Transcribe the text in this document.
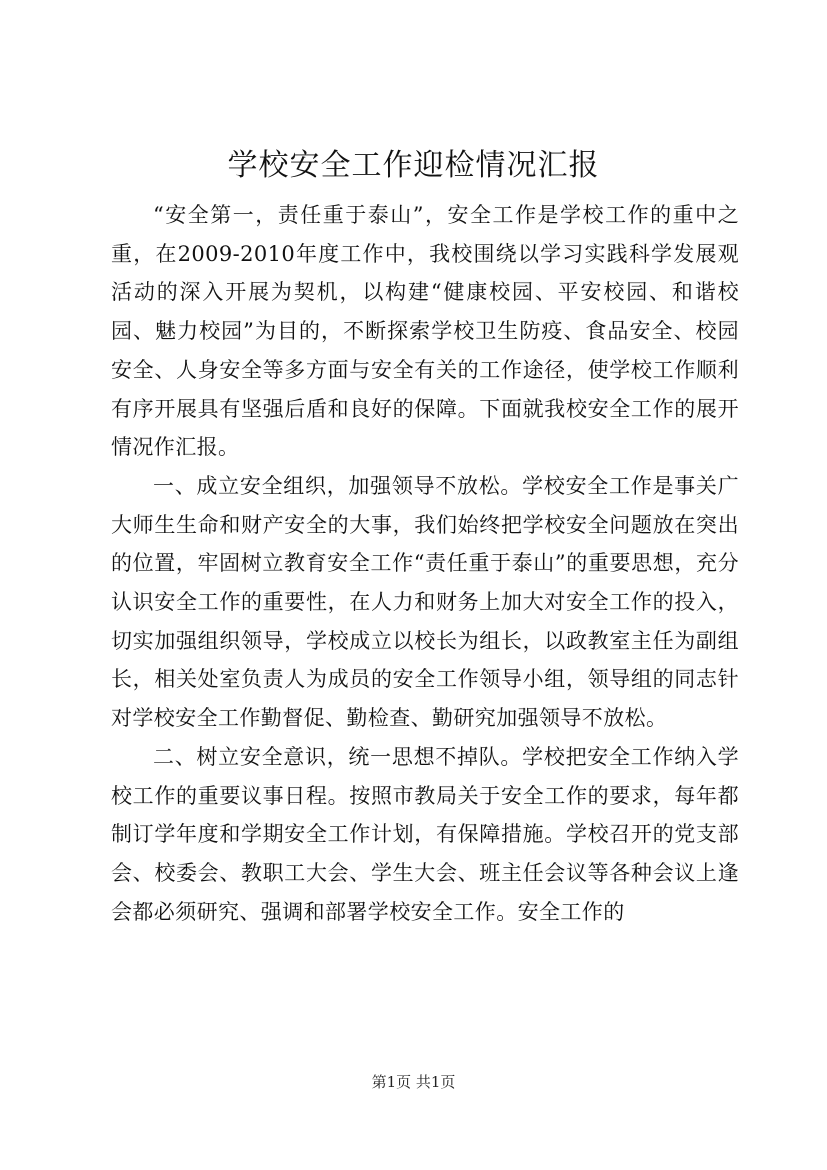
学校安全工作迎检情况汇报

“安全第一，责任重于泰山”，安全工作是学校工作的重中之重，在2009-2010年度工作中，我校围绕以学习实践科学发展观活动的深入开展为契机，以构建“健康校园、平安校园、和谐校园、魅力校园”为目的，不断探索学校卫生防疫、食品安全、校园安全、人身安全等多方面与安全有关的工作途径，使学校工作顺利有序开展具有坚强后盾和良好的保障。下面就我校安全工作的展开情况作汇报。

一、成立安全组织，加强领导不放松。学校安全工作是事关广大师生生命和财产安全的大事，我们始终把学校安全问题放在突出的位置，牢固树立教育安全工作“责任重于泰山”的重要思想，充分认识安全工作的重要性，在人力和财务上加大对安全工作的投入，切实加强组织领导，学校成立以校长为组长，以政教室主任为副组长，相关处室负责人为成员的安全工作领导小组，领导组的同志针对学校安全工作勤督促、勤检查、勤研究加强领导不放松。

二、树立安全意识，统一思想不掉队。学校把安全工作纳入学校工作的重要议事日程。按照市教局关于安全工作的要求，每年都制订学年度和学期安全工作计划，有保障措施。学校召开的党支部会、校委会、教职工大会、学生大会、班主任会议等各种会议上逢会都必须研究、强调和部署学校安全工作。安全工作的

第1页 共1页
